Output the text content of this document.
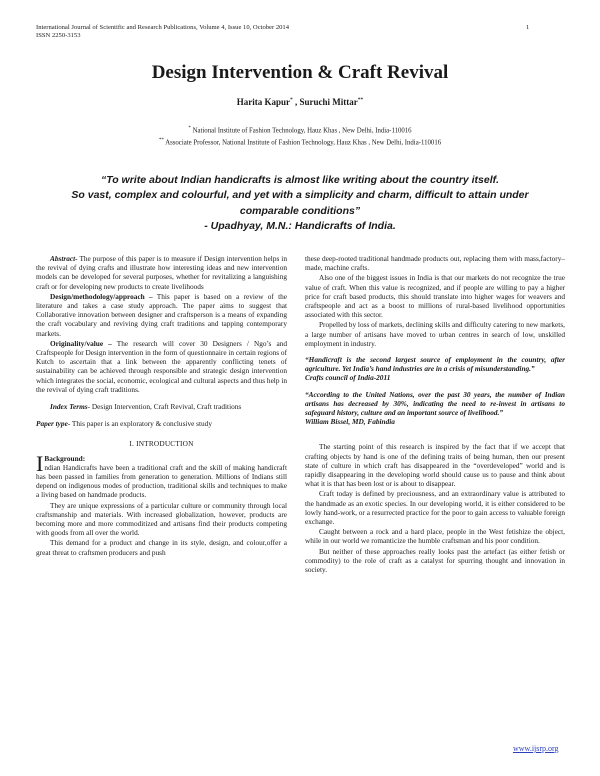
International Journal of Scientific and Research Publications, Volume 4, Issue 10, October 2014
ISSN 2250-3153
1
Design Intervention & Craft Revival
Harita Kapur* , Suruchi Mittar**
* National Institute of Fashion Technology, Hauz Khas , New Delhi, India-110016
** Associate Professor, National Institute of Fashion Technology, Hauz Khas , New Delhi, India-110016
“To write about Indian handicrafts is almost like writing about the country itself.
So vast, complex and colourful, and yet with a simplicity and charm, difficult to attain under
comparable conditions”
- Upadhyay, M.N.: Handicrafts of India.

Abstract- The purpose of this paper is to measure if Design intervention helps in the revival of dying crafts and illustrate how interesting ideas and new intervention models can be developed for several purposes, whether for revitalizing a languishing craft or for developing new products to create livelihoods

Design/methodology/approach – This paper is based on a review of the literature and takes a case study approach. The paper aims to suggest that Collaborative innovation between designer and craftsperson is a means of expanding the craft vocabulary and reviving dying craft traditions and tapping contemporary markets.

Originality/value – The research will cover 30 Designers / Ngo’s and Craftspeople for Design intervention in the form of questionnaire in certain regions of Kutch to ascertain that a link between the apparently conflicting tenets of sustainability can be achieved through responsible and strategic design intervention which integrates the social, economic, ecological and cultural aspects and thus help in the revival of dying craft traditions.

Index Terms- Design Intervention, Craft Revival, Craft traditions

Paper type- This paper is an exploratory & conclusive study

I. INTRODUCTION

I Background:
ndian Handicrafts have been a traditional craft and the skill of making handicraft has been passed in families from generation to generation. Millions of Indians still depend on indigenous modes of production, traditional skills and techniques to make a living based on handmade products.

They are unique expressions of a particular culture or community through local craftsmanship and materials. With increased globalization, however, products are becoming more and more commoditized and artisans find their products competing with goods from all over the world.

This demand for a product and change in its style, design, and colour,offer a great threat to craftsmen producers and push

these deep-rooted traditional handmade products out, replacing them with mass,factory–made, machine crafts.

Also one of the biggest issues in India is that our markets do not recognize the true value of craft. When this value is recognized, and if people are willing to pay a higher price for craft based products, this should translate into higher wages for weavers and craftspeople and act as a boost to millions of rural-based livelihood opportunities associated with this sector.

Propelled by loss of markets, declining skills and difficulty catering to new markets, a large number of artisans have moved to urban centres in search of low, unskilled employment in industry.

“Handicraft is the second largest source of employment in the country, after agriculture. Yet India’s hand industries are in a crisis of misunderstanding.”
Crafts council of India-2011

“According to the United Nations, over the past 30 years, the number of Indian artisans has decreased by 30%, indicating the need to re-invest in artisans to safeguard history, culture and an important source of livelihood.”
William Bissel, MD, Fabindia

The starting point of this research is inspired by the fact that if we accept that crafting objects by hand is one of the defining traits of being human, then our present state of culture in which craft has disappeared in the “overdeveloped” world and is rapidly disappearing in the developing world should cause us to pause and think about what it is that has been lost or is about to disappear.

Craft today is defined by preciousness, and an extraordinary value is attributed to the handmade as an exotic species. In our developing world, it is either considered to be lowly hand-work, or a resurrected practice for the poor to gain access to valuable foreign exchange.

Caught between a rock and a hard place, people in the West fetishize the object, while in our world we romanticize the humble craftsman and his poor condition.

But neither of these approaches really looks past the artefact (as either fetish or commodity) to the role of craft as a catalyst for spurring thought and innovation in society.

www.ijsrp.org
